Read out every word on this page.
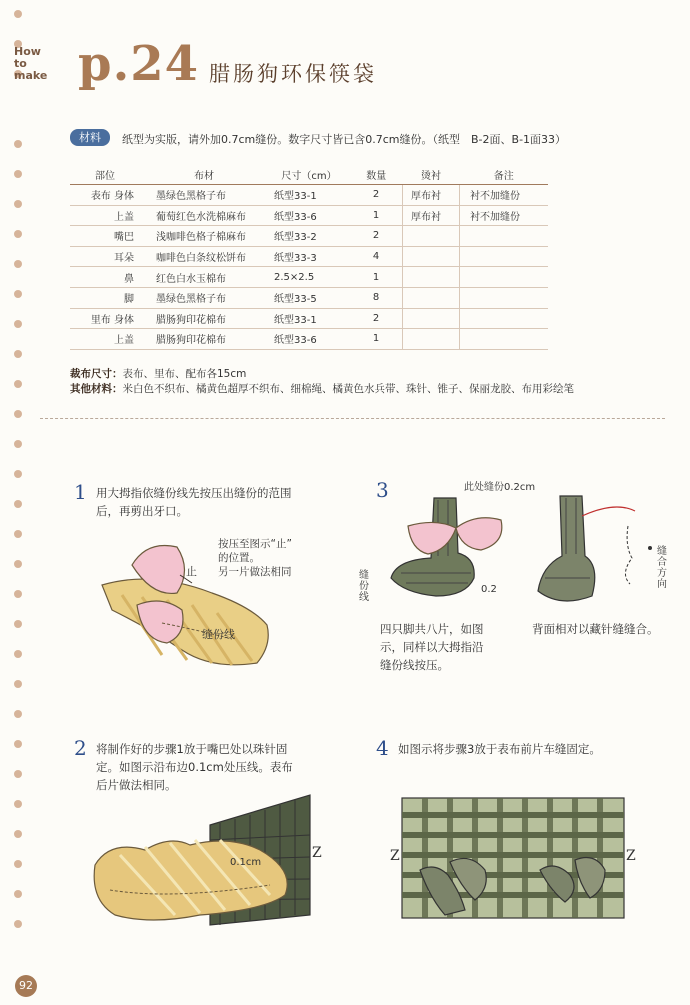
How
to
make p.24 腊肠狗环保筷袋
材料	纸型为实版，请外加0.7cm缝份。数字尺寸皆已含0.7cm缝份。（纸型　B-2面、B-1面33）
部位	布材	尺寸（cm）	数量	烫衬	备注
表布 身体	墨绿色黑格子布	纸型33-1	2	厚布衬	衬不加缝份
上盖	葡萄红色水洗棉麻布	纸型33-6	1	厚布衬	衬不加缝份
嘴巴	浅咖啡色格子棉麻布	纸型33-2	2		
耳朵	咖啡色白条纹松饼布	纸型33-3	4		
鼻	红色白水玉棉布	2.5×2.5	1		
脚	墨绿色黑格子布	纸型33-5	8		
里布 身体	腊肠狗印花棉布	纸型33-1	2		
上盖	腊肠狗印花棉布	纸型33-6	1		
裁布尺寸：表布、里布、配布各15cm
其他材料：米白色不织布、橘黄色超厚不织布、细棉绳、橘黄色水兵带、珠针、锥子、保丽龙胶、布用彩绘笔
1 用大拇指依缝份线先按压出缝份的范围
后，再剪出牙口。
按压至图示“止”
的位置。
另一片做法相同
止
缝份线
3	此处缝份0.2cm
0.2
缝份线
缝合方向
四只脚共八片，如图
示，同样以大拇指沿
缝份线按压。
背面相对以藏针缝缝合。
2 将制作好的步骤1放于嘴巴处以珠针固
定。如图示沿布边0.1cm处压线。表布
后片做法相同。
0.1cm
Z
4 如图示将步骤3放于表布前片车缝固定。
Z	Z
92
